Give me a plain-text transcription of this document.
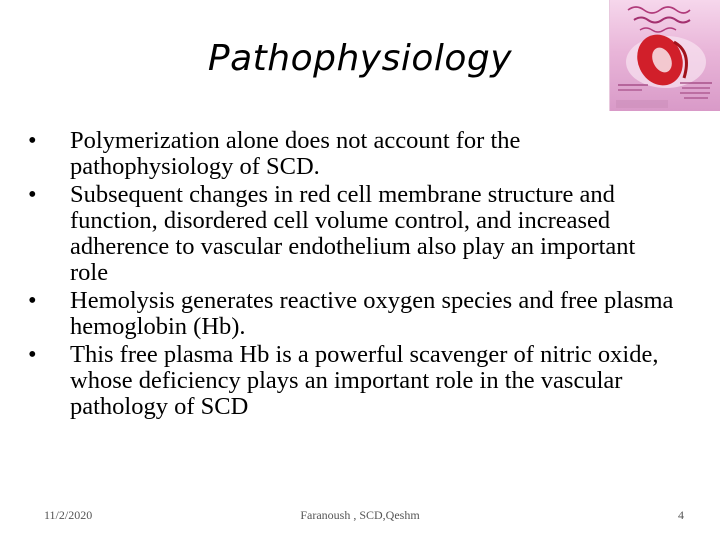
Pathophysiology
•	Polymerization alone does not account for the pathophysiology of SCD.
•	Subsequent changes in red cell membrane structure and function, disordered cell volume control, and increased adherence to vascular endothelium also play an important role
•	Hemolysis generates reactive oxygen species and free plasma hemoglobin (Hb).
•	This free plasma Hb is a powerful scavenger of nitric oxide, whose deficiency plays an important role in the vascular pathology of SCD
11/2/2020	Faranoush , SCD,Qeshm	4
